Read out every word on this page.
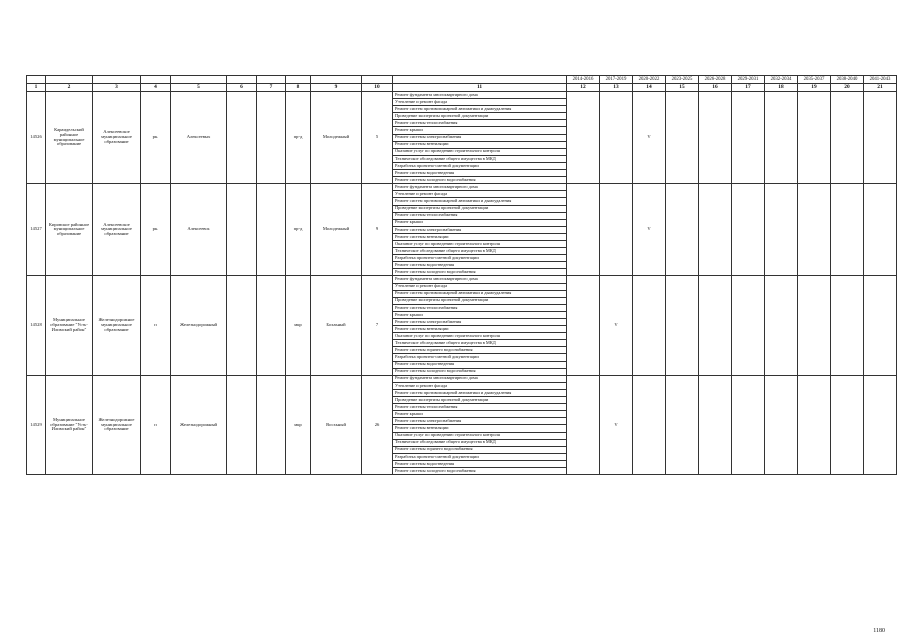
											2014-2016	2017-2019	2020-2022	2023-2025	2026-2028	2029-2031	2032-2034	2035-2037	2038-2040	2041-2043
1	2	3	4	5	6	7	8	9	10	11	12	13	14	15	16	17	18	19	20	21
14526	Караидельский районное муниципальное образование	Алексеевское муниципальное образование	рк.	Алексеевых			пр-д	Молодежный	5	Ремонт фундамента многоквартирного дома			V							
										Утепление и ремонт фасада										
										Ремонт систем противопожарной автоматики и дымоудаления										
										Проведение экспертизы проектной документации										
										Ремонт системы теплоснабжения										
										Ремонт крыши										
										Ремонт системы электроснабжения										
										Ремонт системы вентиляции										
										Оказание услуг по проведению строительного контроля										
										Техническое обследование общего имущества в МКД										
										Разработка проектно-сметной документации										
										Ремонт системы водоотведения										
										Ремонт системы холодного водоснабжения										
14527	Кировское районное муниципальное образование	Алексеевское муниципальное образование	рк.	Алексеевск			пр-д	Молодежный	9	Ремонт фундамента многоквартирного дома			V							
										Утепление и ремонт фасада										
										Ремонт систем противопожарной автоматики и дымоудаления										
										Проведение экспертизы проектной документации										
										Ремонт системы теплоснабжения										
										Ремонт крыши										
										Ремонт системы электроснабжения										
										Ремонт системы вентиляции										
										Оказание услуг по проведению строительного контроля										
										Техническое обследование общего имущества в МКД										
										Разработка проектно-сметной документации										
										Ремонт системы водоотведения										
										Ремонт системы холодного водоснабжения										
14528	Муниципальное образование "Усть-Илимский район"	Железнодорожное муниципальное образование	п	Железнодорожный			мкр	Бохаьный	7	Ремонт фундамента многоквартирного дома		V								
										Утепление и ремонт фасада										
										Ремонт систем противопожарной автоматики и дымоудаления										
										Проведение экспертизы проектной документации										
										Ремонт системы теплоснабжения										
										Ремонт крыши										
										Ремонт системы электроснабжения										
										Ремонт системы вентиляции										
										Оказание услуг по проведению строительного контроля										
										Техническое обследование общего имущества в МКД										
										Ремонт системы горячего водоснабжения										
										Разработка проектно-сметной документации										
										Ремонт системы водоотведения										
										Ремонт системы холодного водоснабжения										
14529	Муниципальное образование "Усть-Илимский район"	Железнодорожное муниципальное образование	п	Железнодорожный			мкр	Восхьный	26	Ремонт фундамента многоквартирного дома		V								
										Утепление и ремонт фасада										
										Ремонт систем противопожарной автоматики и дымоудаления										
										Проведение экспертизы проектной документации										
										Ремонт системы теплоснабжения										
										Ремонт крыши										
										Ремонт системы электроснабжения										
										Ремонт системы вентиляции										
										Оказание услуг по проведению строительного контроля										
										Техническое обследование общего имущества в МКД										
										Ремонт системы горячего водоснабжения										
										Разработка проектно-сметной документации										
										Ремонт системы водоотведения										
										Ремонт системы холодного водоснабжения										
1180
